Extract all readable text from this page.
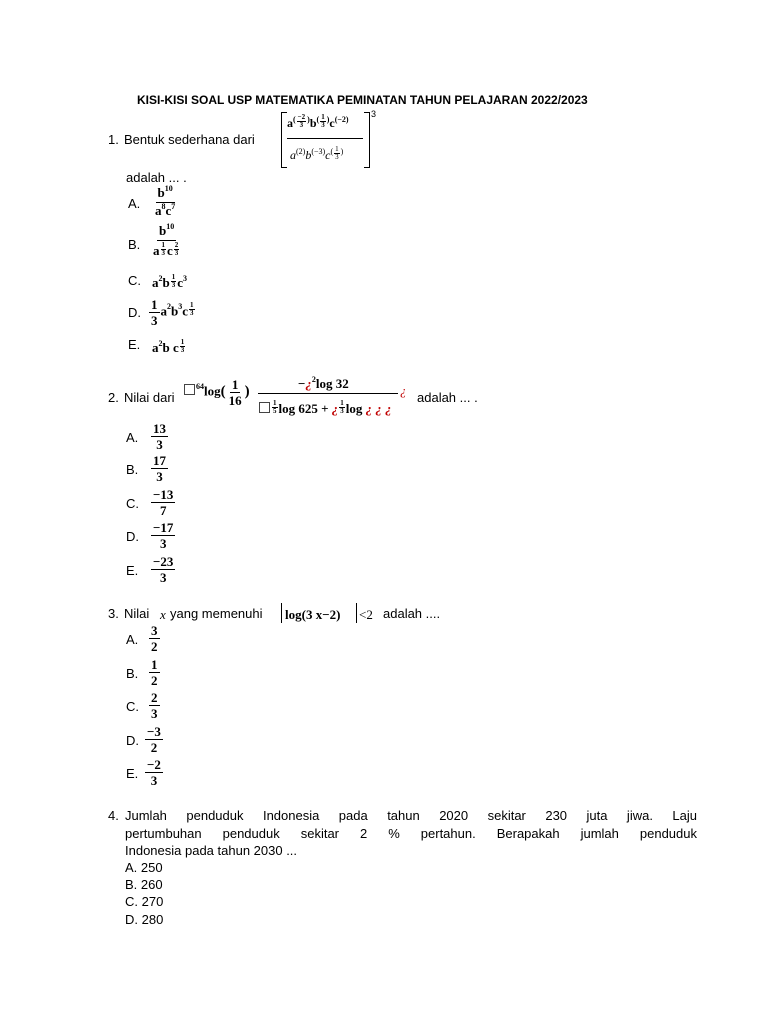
KISI-KISI SOAL USP MATEMATIKA PEMINATAN TAHUN PELAJARAN 2022/2023
1. Bentuk sederhana dari
3
$a^( \frac{-2}{3} ^)b^( \frac{1}{3} ^)c^{(-2)}$
$a^{(2)}b^{(-3)}c^( \frac{1}{3} ^)$
adalah ... .
A. $\frac{b^{10}}{a^8c^7}$
B. $\frac{b^{10}}{a \frac{1}{3} c \frac{2}{3}}$
C. $a^2b \frac{1}{3} c^3$
D. $\frac{1}{3} a^2b^3c \frac{1}{3}$
E. $a^2b$ c $\frac{1}{3}$
2. Nilai dari
$^{64}\log( \frac{1}{16}$ )	−¿$^2$log 32
$\frac{1}{5}$ log 625 + ¿ $\frac{1}{3}$ log ¿ ¿ ¿
¿ adalah ... .
A. $\frac{13}{3}$
B. $\frac{17}{3}$
C. $\frac{-13}{7}$
D. $\frac{-17}{3}$
E. $\frac{-23}{3}$
3. Nilai x yang memenuhi log(3 x−2) <2 adalah ....
A. $\frac{3}{2}$
B. $\frac{1}{2}$
C. $\frac{2}{3}$
D. $\frac{-3}{2}$
E. $\frac{-2}{3}$
4. Jumlah penduduk Indonesia pada tahun 2020 sekitar 230 juta jiwa. Laju
pertumbuhan penduduk sekitar 2 % pertahun. Berapakah jumlah penduduk
Indonesia pada tahun 2030 ...
A. 250
B. 260
C. 270
D. 280
